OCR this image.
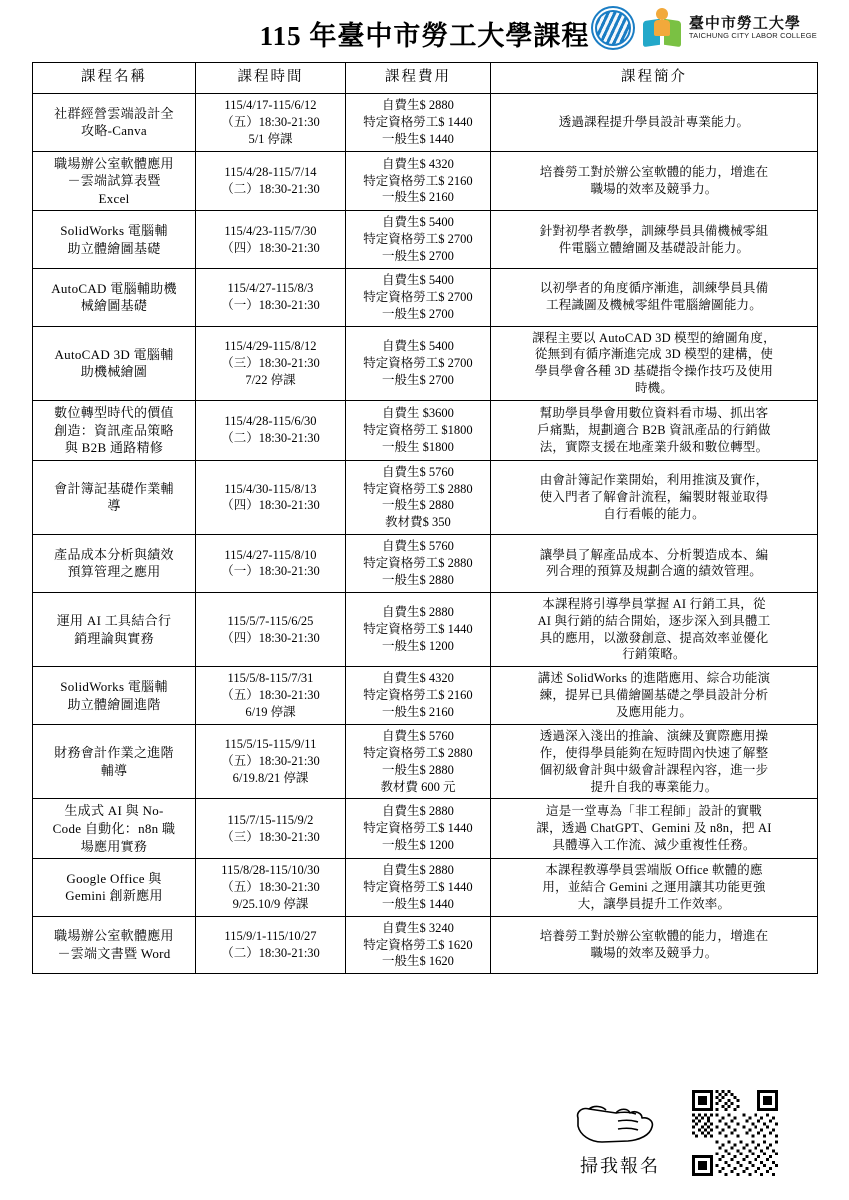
115 年臺中市勞工大學課程	臺中市勞工大學
TAICHUNG CITY LABOR COLLEGE
課程名稱	課程時間	課程費用	課程簡介

社群經營雲端設計全
攻略-Canva	115/4/17-115/6/12
（五）18:30-21:30
5/1 停課	自費生$ 2880
特定資格勞工$ 1440
一般生$ 1440	透過課程提升學員設計專業能力。

職場辦公室軟體應用
－雲端試算表暨
Excel	115/4/28-115/7/14
（二）18:30-21:30	自費生$ 4320
特定資格勞工$ 2160
一般生$ 2160	培養勞工對於辦公室軟體的能力，增進在
職場的效率及競爭力。

SolidWorks 電腦輔
助立體繪圖基礎	115/4/23-115/7/30
（四）18:30-21:30	自費生$ 5400
特定資格勞工$ 2700
一般生$ 2700	針對初學者教學，訓練學員具備機械零組
件電腦立體繪圖及基礎設計能力。

AutoCAD 電腦輔助機
械繪圖基礎	115/4/27-115/8/3
（一）18:30-21:30	自費生$ 5400
特定資格勞工$ 2700
一般生$ 2700	以初學者的角度循序漸進，訓練學員具備
工程識圖及機械零組件電腦繪圖能力。

AutoCAD 3D 電腦輔
助機械繪圖	115/4/29-115/8/12
（三）18:30-21:30
7/22 停課	自費生$ 5400
特定資格勞工$ 2700
一般生$ 2700	課程主要以 AutoCAD 3D 模型的繪圖角度，
從無到有循序漸進完成 3D 模型的建構，使
學員學會各種 3D 基礎指令操作技巧及使用
時機。

數位轉型時代的價值
創造：資訊產品策略
與 B2B 通路精修	115/4/28-115/6/30
（二）18:30-21:30	自費生 $3600
特定資格勞工 $1800
一般生 $1800	幫助學員學會用數位資料看市場、抓出客
戶痛點，規劃適合 B2B 資訊產品的行銷做
法，實際支援在地產業升級和數位轉型。

會計簿記基礎作業輔
導	115/4/30-115/8/13
（四）18:30-21:30	自費生$ 5760
特定資格勞工$ 2880
一般生$ 2880
教材費$ 350	由會計簿記作業開始，利用推演及實作，
使入門者了解會計流程，編製財報並取得
自行看帳的能力。

產品成本分析與績效
預算管理之應用	115/4/27-115/8/10
（一）18:30-21:30	自費生$ 5760
特定資格勞工$ 2880
一般生$ 2880	讓學員了解產品成本、分析製造成本、編
列合理的預算及規劃合適的績效管理。

運用 AI 工具結合行
銷理論與實務	115/5/7-115/6/25
（四）18:30-21:30	自費生$ 2880
特定資格勞工$ 1440
一般生$ 1200	本課程將引導學員掌握 AI 行銷工具，從
AI 與行銷的結合開始，逐步深入到具體工
具的應用，以激發創意、提高效率並優化
行銷策略。

SolidWorks 電腦輔
助立體繪圖進階	115/5/8-115/7/31
（五）18:30-21:30
6/19 停課	自費生$ 4320
特定資格勞工$ 2160
一般生$ 2160	講述 SolidWorks 的進階應用、綜合功能演
練，提昇已具備繪圖基礎之學員設計分析
及應用能力。

財務會計作業之進階
輔導	115/5/15-115/9/11
（五）18:30-21:30
6/19.8/21 停課	自費生$ 5760
特定資格勞工$ 2880
一般生$ 2880
教材費 600 元	透過深入淺出的推論、演練及實際應用操
作，使得學員能夠在短時間內快速了解整
個初級會計與中級會計課程內容，進一步
提升自我的專業能力。

生成式 AI 與 No-
Code 自動化：n8n 職
場應用實務	115/7/15-115/9/2
（三）18:30-21:30	自費生$ 2880
特定資格勞工$ 1440
一般生$ 1200	這是一堂專為「非工程師」設計的實戰
課，透過 ChatGPT、Gemini 及 n8n，把 AI
具體導入工作流、減少重複性任務。

Google Office 與
Gemini 創新應用	115/8/28-115/10/30
（五）18:30-21:30
9/25.10/9 停課	自費生$ 2880
特定資格勞工$ 1440
一般生$ 1440	本課程教導學員雲端版 Office 軟體的應
用，並結合 Gemini 之運用讓其功能更強
大，讓學員提升工作效率。

職場辦公室軟體應用
－雲端文書暨 Word	115/9/1-115/10/27
（二）18:30-21:30	自費生$ 3240
特定資格勞工$ 1620
一般生$ 1620	培養勞工對於辦公室軟體的能力，增進在
職場的效率及競爭力。
掃我報名
